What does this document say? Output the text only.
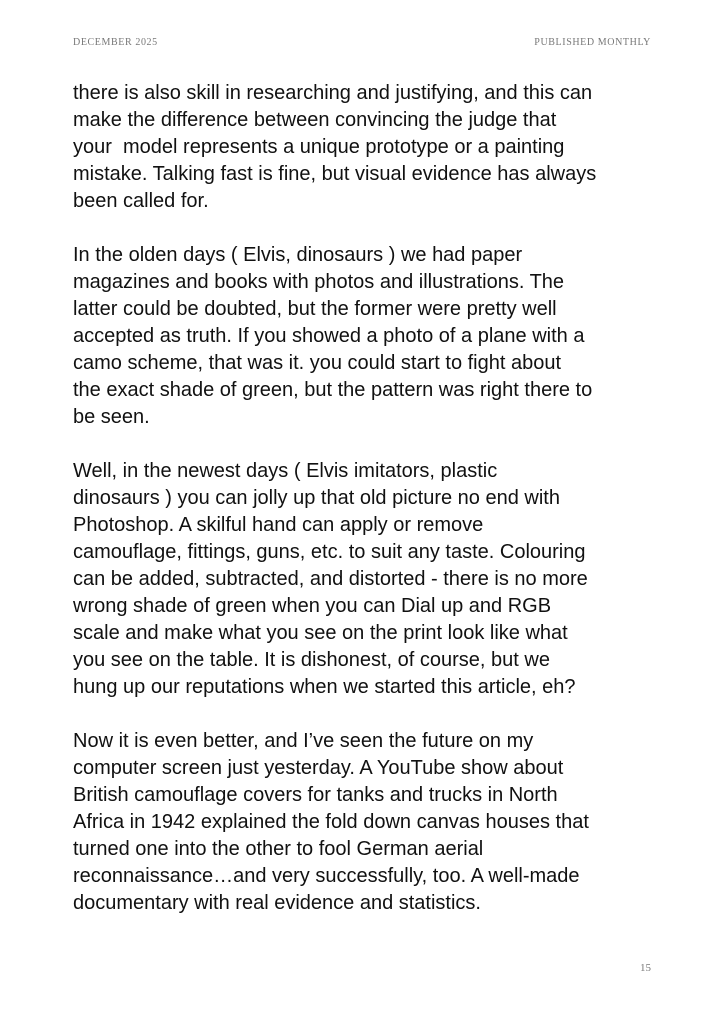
DECEMBER 2025	PUBLISHED MONTHLY

there is also skill in researching and justifying, and this can
make the difference between convincing the judge that
your  model represents a unique prototype or a painting
mistake. Talking fast is fine, but visual evidence has always
been called for.

In the olden days ( Elvis, dinosaurs ) we had paper
magazines and books with photos and illustrations. The
latter could be doubted, but the former were pretty well
accepted as truth. If you showed a photo of a plane with a
camo scheme, that was it. you could start to fight about
the exact shade of green, but the pattern was right there to
be seen.

Well, in the newest days ( Elvis imitators, plastic
dinosaurs ) you can jolly up that old picture no end with
Photoshop. A skilful hand can apply or remove
camouflage, fittings, guns, etc. to suit any taste. Colouring
can be added, subtracted, and distorted - there is no more
wrong shade of green when you can Dial up and RGB
scale and make what you see on the print look like what
you see on the table. It is dishonest, of course, but we
hung up our reputations when we started this article, eh?

Now it is even better, and I’ve seen the future on my
computer screen just yesterday. A YouTube show about
British camouflage covers for tanks and trucks in North
Africa in 1942 explained the fold down canvas houses that
turned one into the other to fool German aerial
reconnaissance…and very successfully, too. A well-made
documentary with real evidence and statistics.

15
